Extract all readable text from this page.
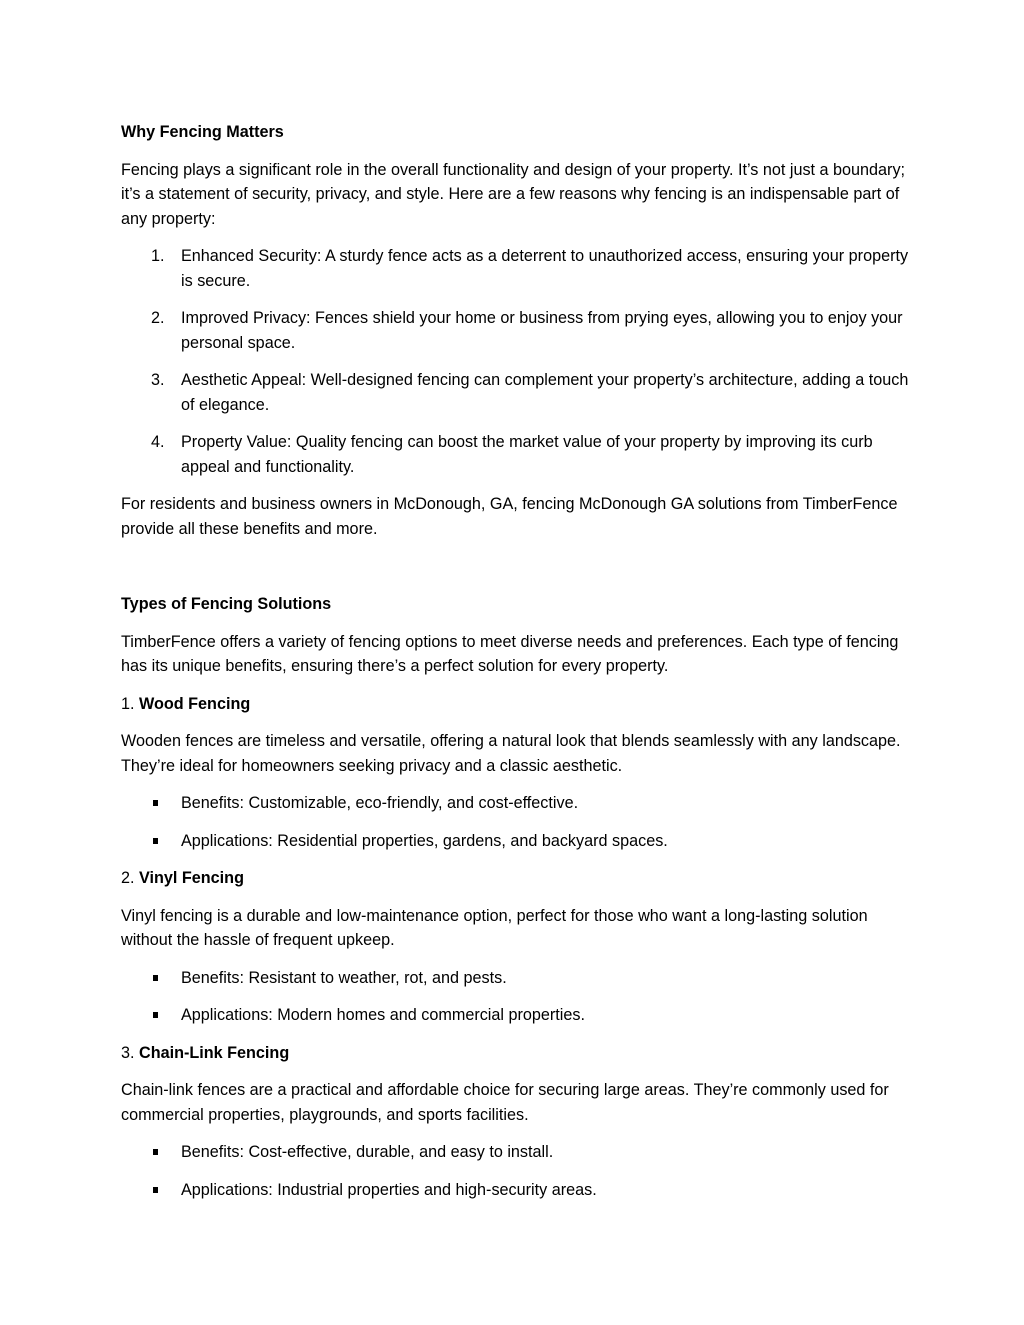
Why Fencing Matters

Fencing plays a significant role in the overall functionality and design of your property. It’s not just a boundary; it’s a statement of security, privacy, and style. Here are a few reasons why fencing is an indispensable part of any property:

1. Enhanced Security: A sturdy fence acts as a deterrent to unauthorized access, ensuring your property is secure.
2. Improved Privacy: Fences shield your home or business from prying eyes, allowing you to enjoy your personal space.
3. Aesthetic Appeal: Well-designed fencing can complement your property’s architecture, adding a touch of elegance.
4. Property Value: Quality fencing can boost the market value of your property by improving its curb appeal and functionality.

For residents and business owners in McDonough, GA, fencing McDonough GA solutions from TimberFence provide all these benefits and more.

Types of Fencing Solutions

TimberFence offers a variety of fencing options to meet diverse needs and preferences. Each type of fencing has its unique benefits, ensuring there’s a perfect solution for every property.

1. Wood Fencing

Wooden fences are timeless and versatile, offering a natural look that blends seamlessly with any landscape. They’re ideal for homeowners seeking privacy and a classic aesthetic.

Benefits: Customizable, eco-friendly, and cost-effective.
Applications: Residential properties, gardens, and backyard spaces.

2. Vinyl Fencing

Vinyl fencing is a durable and low-maintenance option, perfect for those who want a long-lasting solution without the hassle of frequent upkeep.

Benefits: Resistant to weather, rot, and pests.
Applications: Modern homes and commercial properties.

3. Chain-Link Fencing

Chain-link fences are a practical and affordable choice for securing large areas. They’re commonly used for commercial properties, playgrounds, and sports facilities.

Benefits: Cost-effective, durable, and easy to install.
Applications: Industrial properties and high-security areas.
